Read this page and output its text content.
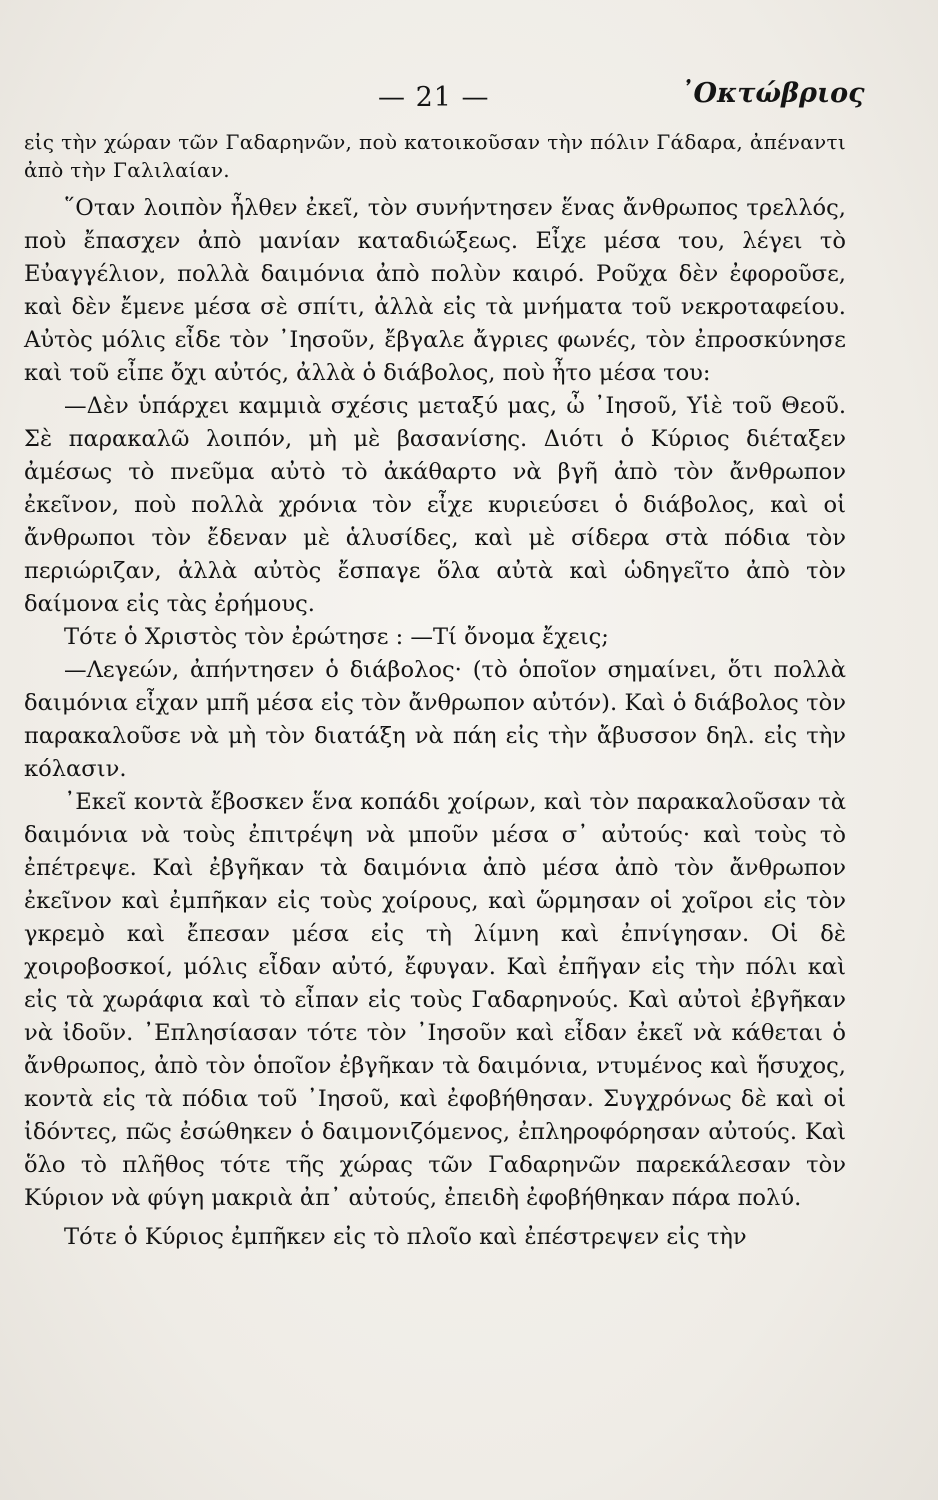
— 21 —	᾽Οκτώβριος

εἰς τὴν χώραν τῶν Γαδαρηνῶν, ποὺ κατοικοῦσαν τὴν πόλιν Γάδαρα, ἀπέναντι ἀπὸ τὴν Γαλιλαίαν.

῞Οταν λοιπὸν ἦλθεν ἐκεῖ, τὸν συνήντησεν ἕνας ἄνθρωπος τρελλός, ποὺ ἔπασχεν ἀπὸ μανίαν καταδιώξεως. Εἶχε μέσα του, λέγει τὸ Εὐαγγέλιον, πολλὰ δαιμόνια ἀπὸ πολὺν καιρό. Ροῦχα δὲν ἐφοροῦσε, καὶ δὲν ἔμενε μέσα σὲ σπίτι, ἀλλὰ εἰς τὰ μνήματα τοῦ νεκροταφείου. Αὐτὸς μόλις εἶδε τὸν ᾽Ιησοῦν, ἔβγαλε ἄγριες φωνές, τὸν ἐπροσκύνησε καὶ τοῦ εἶπε ὄχι αὐτός, ἀλλὰ ὁ διάβολος, ποὺ ἦτο μέσα του:

—Δὲν ὑπάρχει καμμιὰ σχέσις μεταξύ μας, ὦ ᾽Ιησοῦ, Υἱὲ τοῦ Θεοῦ. Σὲ παρακαλῶ λοιπόν, μὴ μὲ βασανίσης. Διότι ὁ Κύριος διέταξεν ἀμέσως τὸ πνεῦμα αὐτὸ τὸ ἀκάθαρτο νὰ βγῆ ἀπὸ τὸν ἄνθρωπον ἐκεῖνον, ποὺ πολλὰ χρόνια τὸν εἶχε κυριεύσει ὁ διάβολος, καὶ οἱ ἄνθρωποι τὸν ἔδεναν μὲ ἁλυσίδες, καὶ μὲ σίδερα στὰ πόδια τὸν περιώριζαν, ἀλλὰ αὐτὸς ἔσπαγε ὅλα αὐτὰ καὶ ὡδηγεῖτο ἀπὸ τὸν δαίμονα εἰς τὰς ἐρήμους.

Τότε ὁ Χριστὸς τὸν ἐρώτησε : —Τί ὄνομα ἔχεις;

—Λεγεών, ἀπήντησεν ὁ διάβολος· (τὸ ὁποῖον σημαίνει, ὅτι πολλὰ δαιμόνια εἶχαν μπῆ μέσα εἰς τὸν ἄνθρωπον αὐτόν). Καὶ ὁ διάβολος τὸν παρακαλοῦσε νὰ μὴ τὸν διατάξη νὰ πάη εἰς τὴν ἄβυσσον δηλ. εἰς τὴν κόλασιν.

᾽Εκεῖ κοντὰ ἔβοσκεν ἕνα κοπάδι χοίρων, καὶ τὸν παρακαλοῦσαν τὰ δαιμόνια νὰ τοὺς ἐπιτρέψη νὰ μποῦν μέσα σ᾽ αὐτούς· καὶ τοὺς τὸ ἐπέτρεψε. Καὶ ἐβγῆκαν τὰ δαιμόνια ἀπὸ μέσα ἀπὸ τὸν ἄνθρωπον ἐκεῖνον καὶ ἐμπῆκαν εἰς τοὺς χοίρους, καὶ ὥρμησαν οἱ χοῖροι εἰς τὸν γκρεμὸ καὶ ἔπεσαν μέσα εἰς τὴ λίμνη καὶ ἐπνίγησαν. Οἱ δὲ χοιροβοσκοί, μόλις εἶδαν αὐτό, ἔφυγαν. Καὶ ἐπῆγαν εἰς τὴν πόλι καὶ εἰς τὰ χωράφια καὶ τὸ εἶπαν εἰς τοὺς Γαδαρηνούς. Καὶ αὐτοὶ ἐβγῆκαν νὰ ἰδοῦν. ᾽Επλησίασαν τότε τὸν ᾽Ιησοῦν καὶ εἶδαν ἐκεῖ νὰ κάθεται ὁ ἄνθρωπος, ἀπὸ τὸν ὁποῖον ἐβγῆκαν τὰ δαιμόνια, ντυμένος καὶ ἥσυχος, κοντὰ εἰς τὰ πόδια τοῦ ᾽Ιησοῦ, καὶ ἐφοβήθησαν. Συγχρόνως δὲ καὶ οἱ ἰδόντες, πῶς ἐσώθηκεν ὁ δαιμονιζόμενος, ἐπληροφόρησαν αὐτούς. Καὶ ὅλο τὸ πλῆθος τότε τῆς χώρας τῶν Γαδαρηνῶν παρεκάλεσαν τὸν Κύριον νὰ φύγη μακριὰ ἀπ᾽ αὐτούς, ἐπειδὴ ἐφοβήθηκαν πάρα πολύ.

Τότε ὁ Κύριος ἐμπῆκεν εἰς τὸ πλοῖο καὶ ἐπέστρεψεν εἰς τὴν
